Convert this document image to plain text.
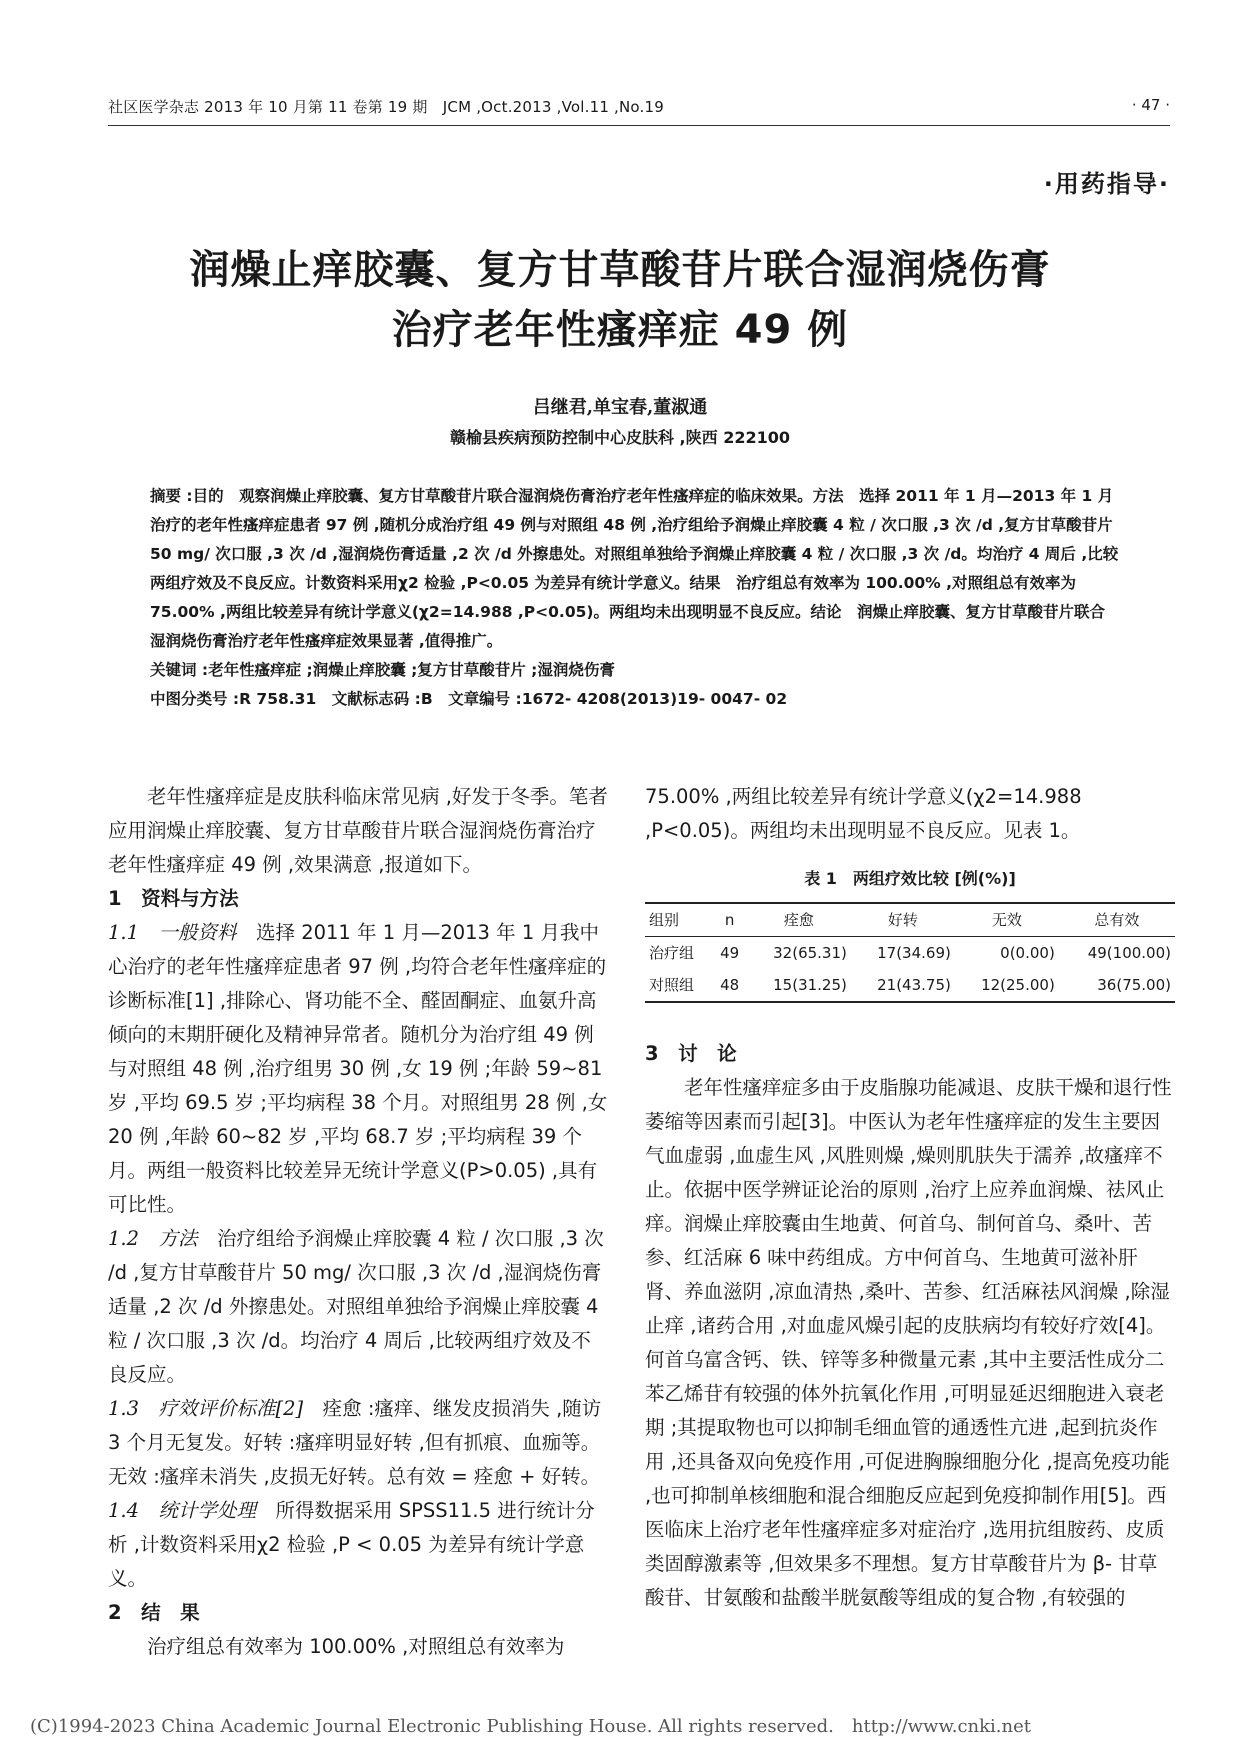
社区医学杂志 2013 年 10 月第 11 卷第 19 期　JCM ,Oct.2013 ,Vol.11 ,No.19	· 47 ·
·用药指导·
润燥止痒胶囊、复方甘草酸苷片联合湿润烧伤膏
治疗老年性瘙痒症 49 例
吕继君,单宝春,董淑通
赣榆县疾病预防控制中心皮肤科 ,陕西 222100

摘要 :目的　观察润燥止痒胶囊、复方甘草酸苷片联合湿润烧伤膏治疗老年性瘙痒症的临床效果。方法　选择 2011 年 1 月—2013 年 1 月治疗的老年性瘙痒症患者 97 例 ,随机分成治疗组 49 例与对照组 48 例 ,治疗组给予润燥止痒胶囊 4 粒 / 次口服 ,3 次 /d ,复方甘草酸苷片 50 mg/ 次口服 ,3 次 /d ,湿润烧伤膏适量 ,2 次 /d 外擦患处。对照组单独给予润燥止痒胶囊 4 粒 / 次口服 ,3 次 /d。均治疗 4 周后 ,比较两组疗效及不良反应。计数资料采用χ2 检验 ,P<0.05 为差异有统计学意义。结果　治疗组总有效率为 100.00% ,对照组总有效率为 75.00% ,两组比较差异有统计学意义(χ2=14.988 ,P<0.05)。两组均未出现明显不良反应。结论　润燥止痒胶囊、复方甘草酸苷片联合湿润烧伤膏治疗老年性瘙痒症效果显著 ,值得推广。

关键词 :老年性瘙痒症 ;润燥止痒胶囊 ;复方甘草酸苷片 ;湿润烧伤膏

中图分类号 :R 758.31　文献标志码 :B　文章编号 :1672- 4208(2013)19- 0047- 02

老年性瘙痒症是皮肤科临床常见病 ,好发于冬季。笔者应用润燥止痒胶囊、复方甘草酸苷片联合湿润烧伤膏治疗老年性瘙痒症 49 例 ,效果满意 ,报道如下。

1　资料与方法

1.1　一般资料　选择 2011 年 1 月—2013 年 1 月我中心治疗的老年性瘙痒症患者 97 例 ,均符合老年性瘙痒症的诊断标准[1] ,排除心、肾功能不全、醛固酮症、血氨升高倾向的末期肝硬化及精神异常者。随机分为治疗组 49 例与对照组 48 例 ,治疗组男 30 例 ,女 19 例 ;年龄 59~81 岁 ,平均 69.5 岁 ;平均病程 38 个月。对照组男 28 例 ,女 20 例 ,年龄 60~82 岁 ,平均 68.7 岁 ;平均病程 39 个月。两组一般资料比较差异无统计学意义(P>0.05) ,具有可比性。

1.2　方法　治疗组给予润燥止痒胶囊 4 粒 / 次口服 ,3 次 /d ,复方甘草酸苷片 50 mg/ 次口服 ,3 次 /d ,湿润烧伤膏适量 ,2 次 /d 外擦患处。对照组单独给予润燥止痒胶囊 4 粒 / 次口服 ,3 次 /d。均治疗 4 周后 ,比较两组疗效及不良反应。

1.3　疗效评价标准[2]　痊愈 :瘙痒、继发皮损消失 ,随访 3 个月无复发。好转 :瘙痒明显好转 ,但有抓痕、血痂等。无效 :瘙痒未消失 ,皮损无好转。总有效 = 痊愈 + 好转。

1.4　统计学处理　所得数据采用 SPSS11.5 进行统计分析 ,计数资料采用χ2 检验 ,P < 0.05 为差异有统计学意义。

2　结　果

治疗组总有效率为 100.00% ,对照组总有效率为

75.00% ,两组比较差异有统计学意义(χ2=14.988 ,P<0.05)。两组均未出现明显不良反应。见表 1。

表 1　两组疗效比较 [例(%)]
组别	n	痊愈	好转	无效	总有效
治疗组	49	32(65.31)	17(34.69)	0(0.00)	49(100.00)
对照组	48	15(31.25)	21(43.75)	12(25.00)	36(75.00)

3　讨　论

老年性瘙痒症多由于皮脂腺功能减退、皮肤干燥和退行性萎缩等因素而引起[3]。中医认为老年性瘙痒症的发生主要因气血虚弱 ,血虚生风 ,风胜则燥 ,燥则肌肤失于濡养 ,故瘙痒不止。依据中医学辨证论治的原则 ,治疗上应养血润燥、祛风止痒。润燥止痒胶囊由生地黄、何首乌、制何首乌、桑叶、苦参、红活麻 6 味中药组成。方中何首乌、生地黄可滋补肝肾、养血滋阴 ,凉血清热 ,桑叶、苦参、红活麻祛风润燥 ,除湿止痒 ,诸药合用 ,对血虚风燥引起的皮肤病均有较好疗效[4]。何首乌富含钙、铁、锌等多种微量元素 ,其中主要活性成分二苯乙烯苷有较强的体外抗氧化作用 ,可明显延迟细胞进入衰老期 ;其提取物也可以抑制毛细血管的通透性亢进 ,起到抗炎作用 ,还具备双向免疫作用 ,可促进胸腺细胞分化 ,提高免疫功能 ,也可抑制单核细胞和混合细胞反应起到免疫抑制作用[5]。西医临床上治疗老年性瘙痒症多对症治疗 ,选用抗组胺药、皮质类固醇激素等 ,但效果多不理想。复方甘草酸苷片为 β- 甘草酸苷、甘氨酸和盐酸半胱氨酸等组成的复合物 ,有较强的

(C)1994-2023 China Academic Journal Electronic Publishing House. All rights reserved.　http://www.cnki.net
